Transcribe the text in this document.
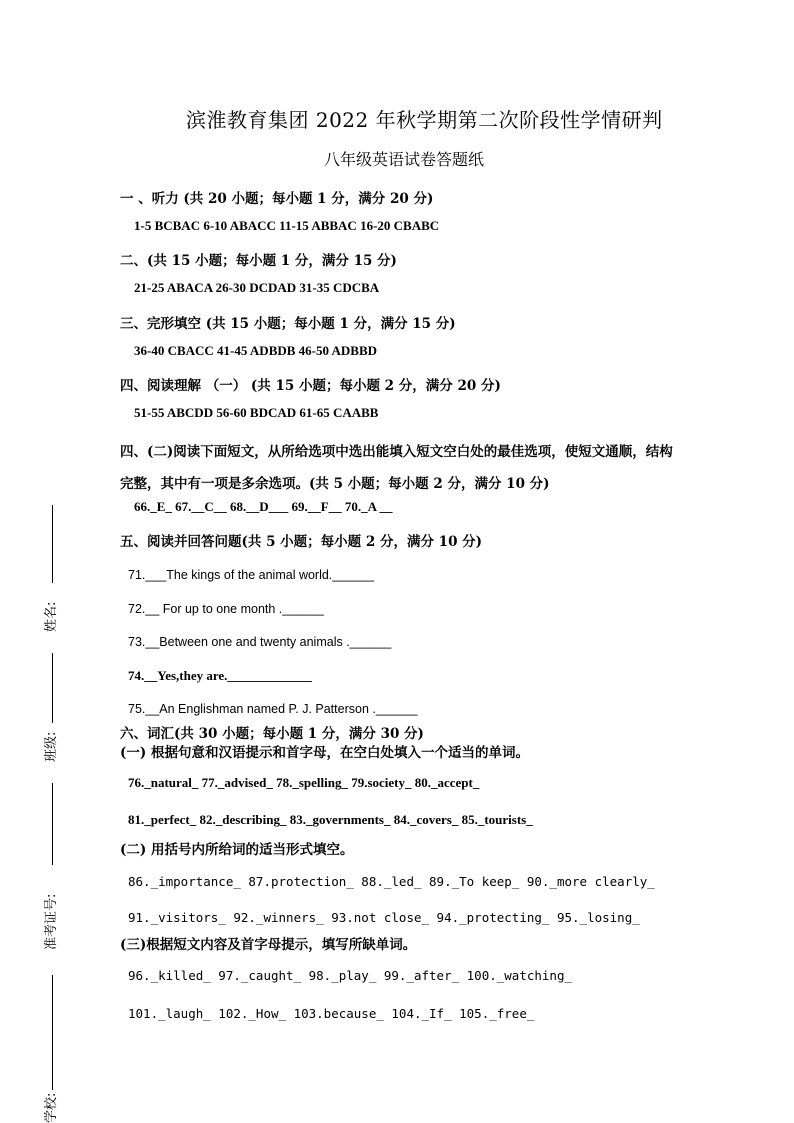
滨淮教育集团 2022 年秋学期第二次阶段性学情研判
八年级英语试卷答题纸
一 、听力 (共 20 小题；每小题 1 分，满分 20 分)
1-5 BCBAC 6-10 ABACC 11-15 ABBAC 16-20 CBABC
二、(共 15 小题；每小题 1 分，满分 15 分)
21-25 ABACA 26-30 DCDAD 31-35 CDCBA
三、完形填空 (共 15 小题；每小题 1 分，满分 15 分)
36-40 CBACC 41-45 ADBDB 46-50 ADBBD
四、阅读理解 （一） (共 15 小题；每小题 2 分，满分 20 分)
51-55 ABCDD 56-60 BDCAD 61-65 CAABB
四、(二)阅读下面短文，从所给选项中选出能填入短文空白处的最佳选项，使短文通顺，结构完整，其中有一项是多余选项。(共 5 小题；每小题 2 分，满分 10 分)
66._E_ 67.__C__ 68.__D___ 69.__F__ 70._A __
五、阅读并回答问题(共 5 小题；每小题 2 分，满分 10 分)
71.___The kings of the animal world.______
72.__ For up to one month .______
73.__Between one and twenty animals .______
74.__Yes,they are._____________
75.__An Englishman named P. J. Patterson .______
六、词汇(共 30 小题；每小题 1 分，满分 30 分)
(一) 根据句意和汉语提示和首字母，在空白处填入一个适当的单词。
76._natural_ 77._advised_ 78._spelling_ 79.society_ 80._accept_
81._perfect_ 82._describing_ 83._governments_ 84._covers_ 85._tourists_
(二) 用括号内所给词的适当形式填空。
86._importance_ 87.protection_ 88._led_ 89._To keep_ 90._more clearly_
91._visitors_ 92._winners_ 93.not close_ 94._protecting_ 95._losing_
(三)根据短文内容及首字母提示，填写所缺单词。
96._killed_ 97._caught_ 98._play_ 99._after_ 100._watching_
101._laugh_ 102._How_ 103.because_ 104._If_ 105._free_
姓名:
班级:
准考证号:
学校:
